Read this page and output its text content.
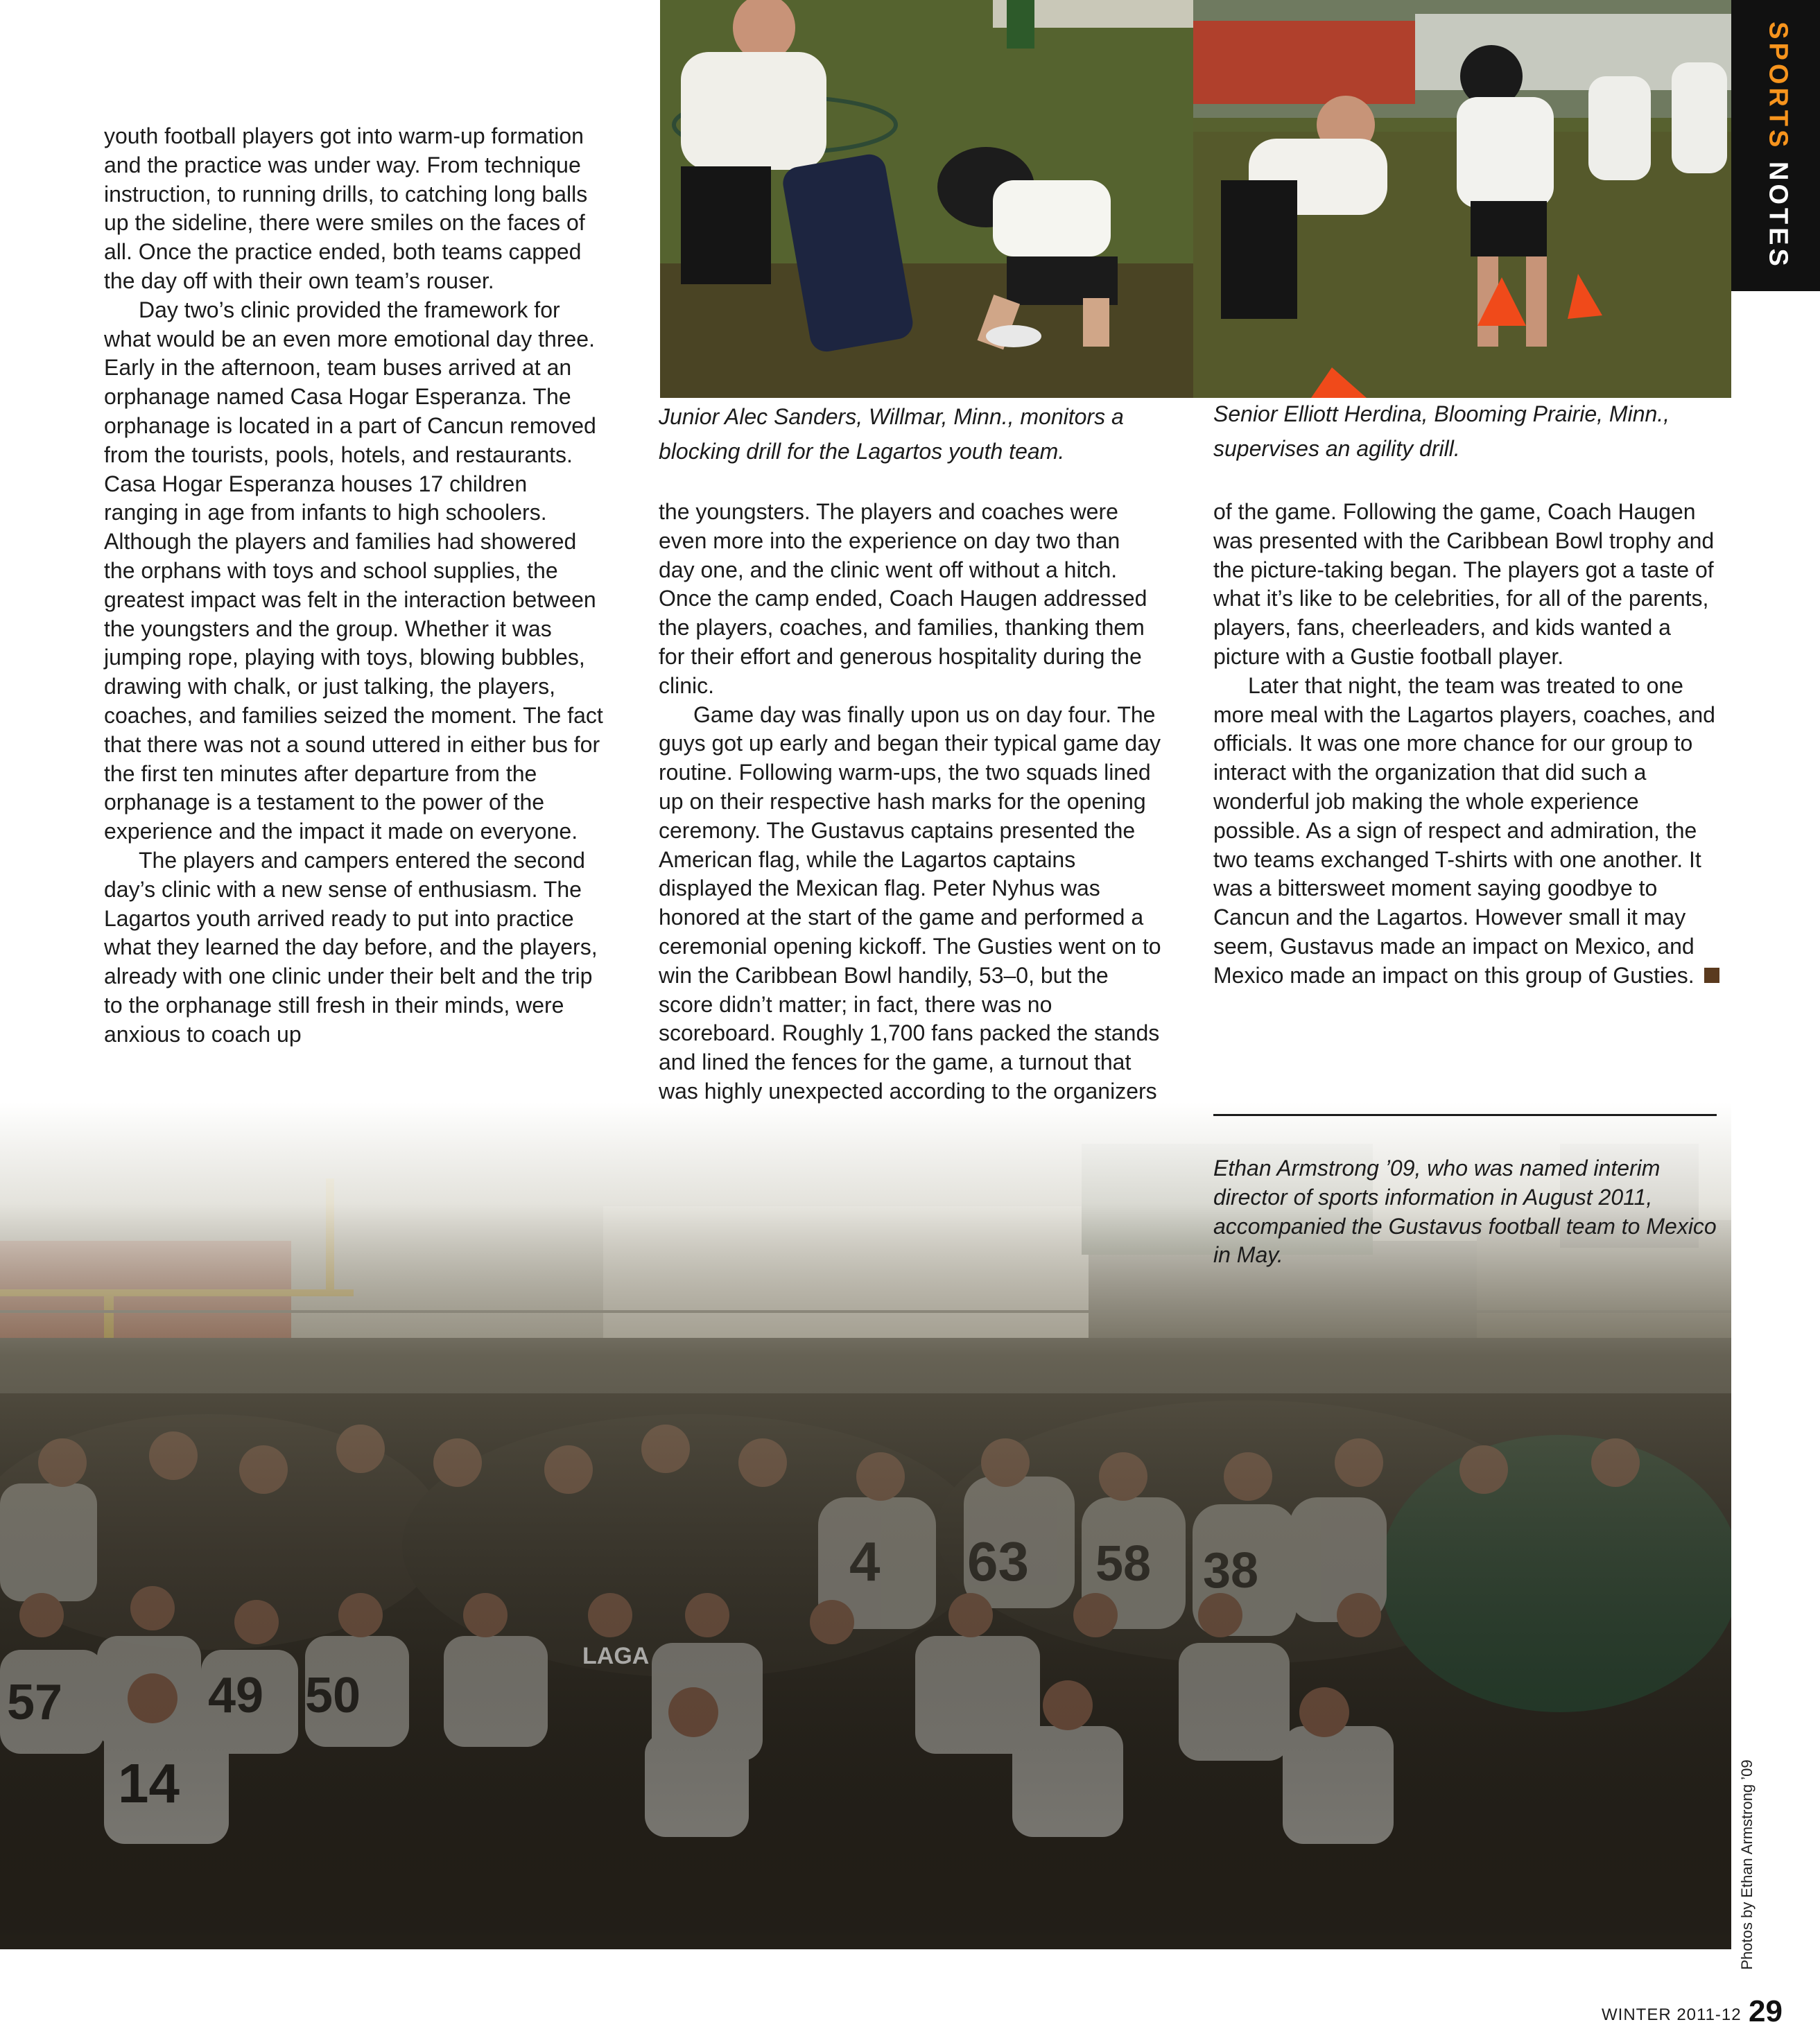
SPORTS NOTES

youth football players got into warm-up formation and the practice was under way. From technique instruction, to running drills, to catching long balls up the sideline, there were smiles on the faces of all. Once the practice ended, both teams capped the day off with their own team’s rouser.

Day two’s clinic provided the framework for what would be an even more emotional day three. Early in the afternoon, team buses arrived at an orphanage named Casa Hogar Esperanza. The orphanage is located in a part of Cancun removed from the tourists, pools, hotels, and restaurants. Casa Hogar Esperanza houses 17 children ranging in age from infants to high schoolers. Although the players and families had showered the orphans with toys and school supplies, the greatest impact was felt in the interaction between the youngsters and the group. Whether it was jumping rope, playing with toys, blowing bubbles, drawing with chalk, or just talking, the players, coaches, and families seized the moment. The fact that there was not a sound uttered in either bus for the first ten minutes after departure from the orphanage is a testament to the power of the experience and the impact it made on everyone.

The players and campers entered the second day’s clinic with a new sense of enthusiasm. The Lagartos youth arrived ready to put into practice what they learned the day before, and the players, already with one clinic under their belt and the trip to the orphanage still fresh in their minds, were anxious to coach up

the youngsters. The players and coaches were even more into the experience on day two than day one, and the clinic went off without a hitch. Once the camp ended, Coach Haugen addressed the players, coaches, and families, thanking them for their effort and generous hospitality during the clinic.

Game day was finally upon us on day four. The guys got up early and began their typical game day routine. Following warm-ups, the two squads lined up on their respective hash marks for the opening ceremony. The Gustavus captains presented the American flag, while the Lagartos captains displayed the Mexican flag. Peter Nyhus was honored at the start of the game and performed a ceremonial opening kickoff. The Gusties went on to win the Caribbean Bowl handily, 53–0, but the score didn’t matter; in fact, there was no scoreboard. Roughly 1,700 fans packed the stands and lined the fences for the game, a turnout that was highly unexpected according to the organizers

of the game. Following the game, Coach Haugen was presented with the Caribbean Bowl trophy and the picture-taking began. The players got a taste of what it’s like to be celebrities, for all of the parents, players, fans, cheerleaders, and kids wanted a picture with a Gustie football player.

Later that night, the team was treated to one more meal with the Lagartos players, coaches, and officials. It was one more chance for our group to interact with the organization that did such a wonderful job making the whole experience possible. As a sign of respect and admiration, the two teams exchanged T-shirts with one another. It was a bittersweet moment saying goodbye to Cancun and the Lagartos. However small it may seem, Gustavus made an impact on Mexico, and Mexico made an impact on this group of Gusties.

Junior Alec Sanders, Willmar, Minn., monitors a blocking drill for the Lagartos youth team.

Senior Elliott Herdina, Blooming Prairie, Minn., supervises an agility drill.

Ethan Armstrong ’09, who was named interim director of sports information in August 2011, accompanied the Gustavus football team to Mexico in May.

Photos by Ethan Armstrong ’09
WINTER 2011-12 29
